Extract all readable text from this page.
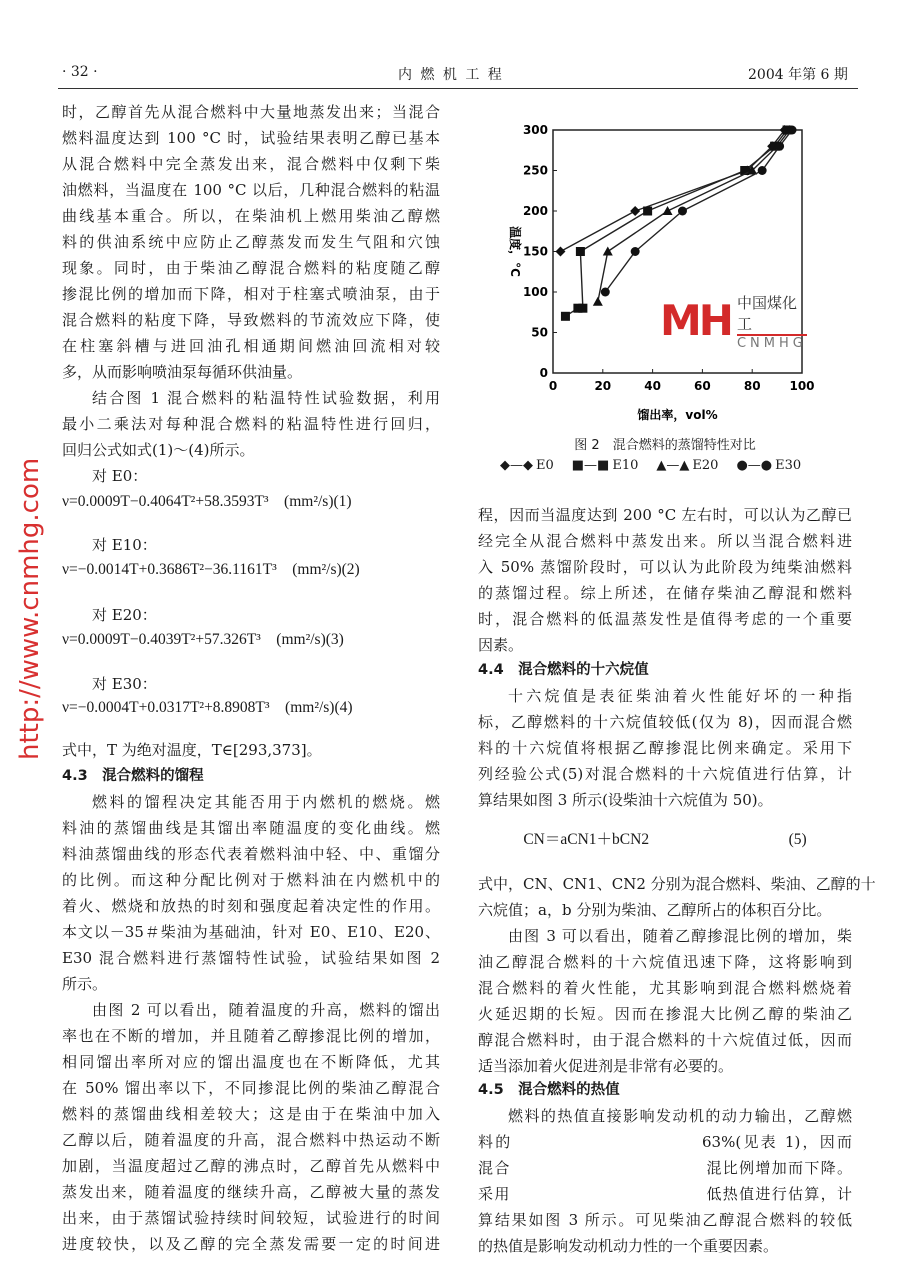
· 32 ·	内 燃 机 工 程	2004 年第 6 期
时，乙醇首先从混合燃料中大量地蒸发出来；当混合
燃料温度达到 100 °C 时，试验结果表明乙醇已基本
从混合燃料中完全蒸发出来，混合燃料中仅剩下柴
油燃料，当温度在 100 °C 以后，几种混合燃料的粘温
曲线基本重合。所以，在柴油机上燃用柴油乙醇燃
料的供油系统中应防止乙醇蒸发而发生气阻和穴蚀
现象。同时，由于柴油乙醇混合燃料的粘度随乙醇
掺混比例的增加而下降，相对于柱塞式喷油泵，由于
混合燃料的粘度下降，导致燃料的节流效应下降，使
在柱塞斜槽与进回油孔相通期间燃油回流相对较
多，从而影响喷油泵每循环供油量。
结合图 1 混合燃料的粘温特性试验数据，利用
最小二乘法对每种混合燃料的粘温特性进行回归，
回归公式如式(1)～(4)所示。
对 E0：
ν=0.0009T−0.4064T²+58.3593T³　(mm²/s)(1)
对 E10：
ν=−0.0014T+0.3686T²−36.1161T³　(mm²/s)(2)
对 E20：
ν=0.0009T−0.4039T²+57.326T³　(mm²/s)(3)
对 E30：
ν=−0.0004T+0.0317T²+8.8908T³　(mm²/s)(4)
式中，T 为绝对温度，T∈[293,373]。
4.3　混合燃料的馏程
燃料的馏程决定其能否用于内燃机的燃烧。燃
料油的蒸馏曲线是其馏出率随温度的变化曲线。燃
料油蒸馏曲线的形态代表着燃料油中轻、中、重馏分
的比例。而这种分配比例对于燃料油在内燃机中的
着火、燃烧和放热的时刻和强度起着决定性的作用。
本文以－35＃柴油为基础油，针对 E0、E10、E20、
E30 混合燃料进行蒸馏特性试验，试验结果如图 2
所示。
由图 2 可以看出，随着温度的升高，燃料的馏出
率也在不断的增加，并且随着乙醇掺混比例的增加，
相同馏出率所对应的馏出温度也在不断降低，尤其
在 50% 馏出率以下，不同掺混比例的柴油乙醇混合
燃料的蒸馏曲线相差较大；这是由于在柴油中加入
乙醇以后，随着温度的升高，混合燃料中热运动不断
加剧，当温度超过乙醇的沸点时，乙醇首先从燃料中
蒸发出来，随着温度的继续升高，乙醇被大量的蒸发
出来，由于蒸馏试验持续时间较短，试验进行的时间
进度较快，以及乙醇的完全蒸发需要一定的时间进
程，因而当温度达到 200 °C 左右时，可以认为乙醇已
经完全从混合燃料中蒸发出来。所以当混合燃料进
入 50% 蒸馏阶段时，可以认为此阶段为纯柴油燃料
的蒸馏过程。综上所述，在储存柴油乙醇混和燃料
时，混合燃料的低温蒸发性是值得考虑的一个重要
因素。
4.4　混合燃料的十六烷值
十六烷值是表征柴油着火性能好坏的一种指
标，乙醇燃料的十六烷值较低(仅为 8)，因而混合燃
料的十六烷值将根据乙醇掺混比例来确定。采用下
列经验公式(5)对混合燃料的十六烷值进行估算，计
算结果如图 3 所示(设柴油十六烷值为 50)。
CN＝aCN1＋bCN2　　　　　　　　　(5)
式中，CN、CN1、CN2 分别为混合燃料、柴油、乙醇的十
六烷值；a，b 分别为柴油、乙醇所占的体积百分比。
由图 3 可以看出，随着乙醇掺混比例的增加，柴
油乙醇混合燃料的十六烷值迅速下降，这将影响到
混合燃料的着火性能，尤其影响到混合燃料燃烧着
火延迟期的长短。因而在掺混大比例乙醇的柴油乙
醇混合燃料时，由于混合燃料的十六烷值过低，因而
适当添加着火促进剂是非常有必要的。
4.5　混合燃料的热值
燃料的热值直接影响发动机的动力输出，乙醇燃
料的　　　　　　　　　　　63%(见表 1)，因而
混合　　　　　　　　　　　　混比例增加而下降。
采用　　　　　　　　　　　　低热值进行估算，计
算结果如图 3 所示。可见柴油乙醇混合燃料的较低
的热值是影响发动机动力性的一个重要因素。
0	20	40	60	80 100
0
50
100
150
200
250
300
馏出率，vol%
温度，°C
图 2　混合燃料的蒸馏特性对比
◆—◆ E0 ■—■ E10 ▲—▲ E20 ●—● E30
http://www.cnmhg.com
MH 中国煤化工
CNMHG
